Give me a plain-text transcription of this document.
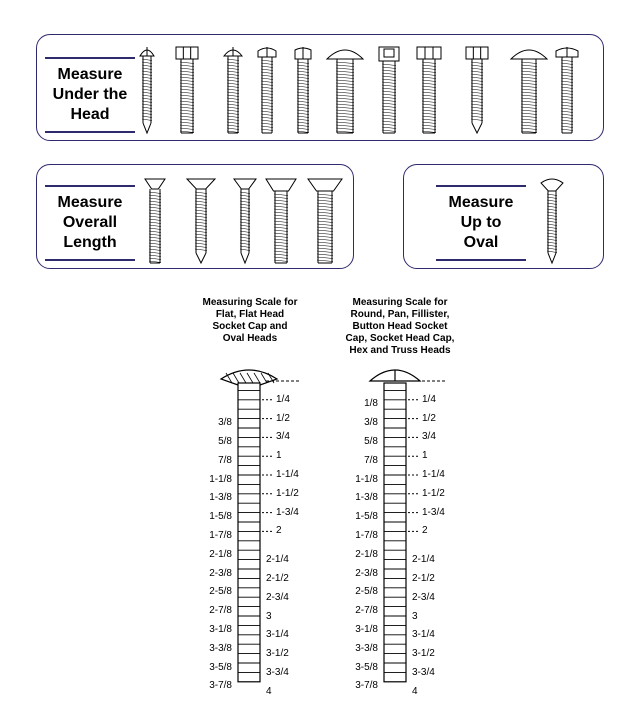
Measure
Under the
Head
Measure
Overall
Length
Measure
Up to
Oval
Measuring Scale for
Flat, Flat Head
Socket Cap and
Oval Heads
Measuring Scale for
Round, Pan, Fillister,
Button Head Socket
Cap, Socket Head Cap,
Hex and Truss Heads
3/8
5/8
7/8
1-1/8
1-3/8
1-5/8
1-7/8
2-1/8
2-3/8
2-5/8
2-7/8
3-1/8
3-3/8
3-5/8
3-7/8
1/4
1/2
3/4
1
1-1/4
1-1/2
1-3/4
2
2-1/4
2-1/2
2-3/4
3
3-1/4
3-1/2
3-3/4
4
1/8
3/8
5/8
7/8
1-1/8
1-3/8
1-5/8
1-7/8
2-1/8
2-3/8
2-5/8
2-7/8
3-1/8
3-3/8
3-5/8
3-7/8
1/4
1/2
3/4
1
1-1/4
1-1/2
1-3/4
2
2-1/4
2-1/2
2-3/4
3
3-1/4
3-1/2
3-3/4
4
